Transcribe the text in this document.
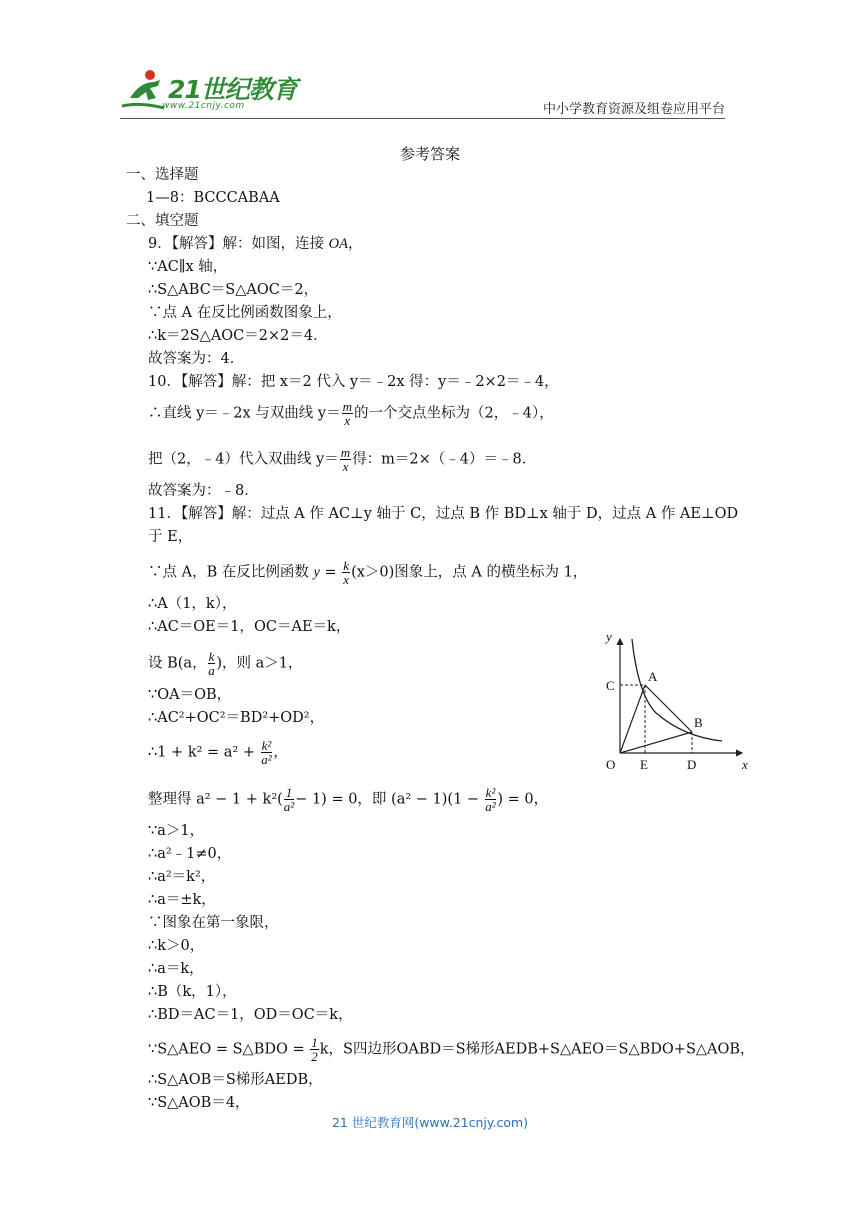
21世纪教育
www.21cnjy.com	中小学教育资源及组卷应用平台
参考答案
一、选择题
1—8：BCCCABAA
二、填空题
9．【解答】解：如图，连接 OA，
∵AC∥x 轴，
∴S△ABC＝S△AOC＝2，
∵点 A 在反比例函数图象上，
∴k＝2S△AOC＝2×2＝4．
故答案为：4．
10．【解答】解：把 x＝2 代入 y＝﹣2x 得：y＝﹣2×2＝﹣4，
∴直线 y＝﹣2x 与双曲线 $y= \frac{m}{x}$ 的一个交点坐标为（2，﹣4），
把（2，﹣4）代入双曲线 $y= \frac{m}{x}$ 得：m＝2×（﹣4）＝﹣8．
故答案为：﹣8．
11．【解答】解：过点 A 作 AC⊥y 轴于 C，过点 B 作 BD⊥x 轴于 D，过点 A 作 AE⊥OD
于 E，
∵点 A，B 在反比例函数 $y = \frac{k}{x} (x>0)$图象上，点 A 的横坐标为 1，
∴A（1，k），
∴AC＝OE＝1，OC＝AE＝k，
设 B(a， $\frac{k}{a}$ )，则 a＞1，
∵OA＝OB，
∴AC²+OC²＝BD²+OD²，
∴1 + $k^2 = a^2 + \frac{\text{k²}}{\text{a²}}$ ，
整理得 $a^2 - 1 + k^2( \frac{1}{\text{a²}} - 1) = 0$，即 $(a^2 - 1)(1 - \frac{\text{k²}}{\text{a²}}$ ) = 0，
∵a＞1，
∴a²﹣1≠0，
∴a²＝k²，
∴a＝±k，
∵图象在第一象限，
∴k＞0，
∴a＝k，
∴B（k，1），
∴BD＝AC＝1，OD＝OC＝k，
∵S△AEO = S△BDO = $\frac{1}{2}$ k，S四边形OABD＝S梯形AEDB+S△AEO＝S△BDO+S△AOB，
∴S△AOB＝S梯形AEDB，
∵S△AOB＝4，
y
x
O
A
B
C
D
E
21 世纪教育网(www.21cnjy.com)
